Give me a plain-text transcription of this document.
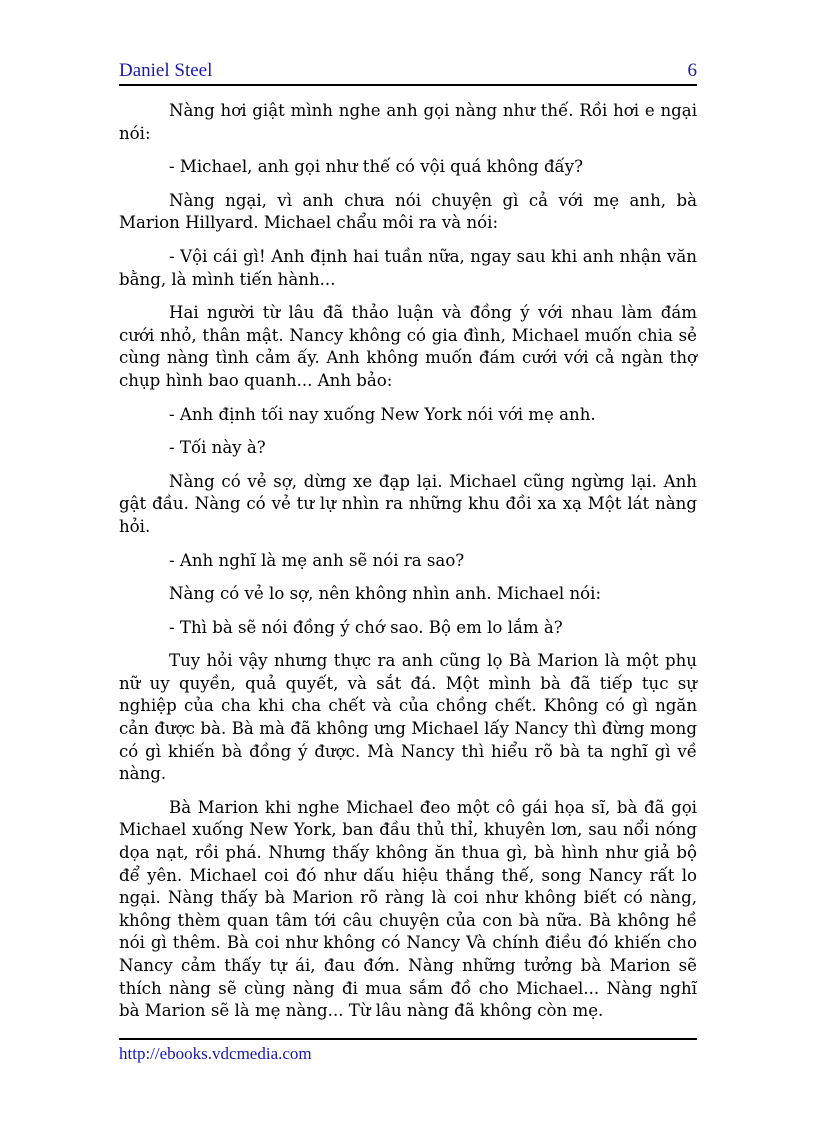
Daniel Steel	6

Nàng hơi giật mình nghe anh gọi nàng như thế. Rồi hơi e ngại nói:

- Michael, anh gọi như thế có vội quá không đấy?

Nàng ngại, vì anh chưa nói chuyện gì cả với mẹ anh, bà Marion Hillyard. Michael chẩu môi ra và nói:

- Vội cái gì! Anh định hai tuần nữa, ngay sau khi anh nhận văn bằng, là mình tiến hành...

Hai người từ lâu đã thảo luận và đồng ý với nhau làm đám cưới nhỏ, thân mật. Nancy không có gia đình, Michael muốn chia sẻ cùng nàng tình cảm ấy. Anh không muốn đám cưới với cả ngàn thợ chụp hình bao quanh... Anh bảo:

- Anh định tối nay xuống New York nói với mẹ anh.

- Tối này à?

Nàng có vẻ sợ, dừng xe đạp lại. Michael cũng ngừng lại. Anh gật đầu. Nàng có vẻ tư lự nhìn ra những khu đồi xa xạ Một lát nàng hỏi.

- Anh nghĩ là mẹ anh sẽ nói ra sao?

Nàng có vẻ lo sợ, nên không nhìn anh. Michael nói:

- Thì bà sẽ nói đồng ý chớ sao. Bộ em lo lắm à?

Tuy hỏi vậy nhưng thực ra anh cũng lọ Bà Marion là một phụ nữ uy quyền, quả quyết, và sắt đá. Một mình bà đã tiếp tục sự nghiệp của cha khi cha chết và của chồng chết. Không có gì ngăn cản được bà. Bà mà đã không ưng Michael lấy Nancy thì đừng mong có gì khiến bà đồng ý được. Mà Nancy thì hiểu rõ bà ta nghĩ gì về nàng.

Bà Marion khi nghe Michael đeo một cô gái họa sĩ, bà đã gọi Michael xuống New York, ban đầu thủ thỉ, khuyên lơn, sau nổi nóng dọa nạt, rồi phá. Nhưng thấy không ăn thua gì, bà hình như giả bộ để yên. Michael coi đó như dấu hiệu thắng thế, song Nancy rất lo ngại. Nàng thấy bà Marion rõ ràng là coi như không biết có nàng, không thèm quan tâm tới câu chuyện của con bà nữa. Bà không hề nói gì thêm. Bà coi như không có Nancy Và chính điều đó khiến cho Nancy cảm thấy tự ái, đau đớn. Nàng những tưởng bà Marion sẽ thích nàng sẽ cùng nàng đi mua sắm đồ cho Michael... Nàng nghĩ bà Marion sẽ là mẹ nàng... Từ lâu nàng đã không còn mẹ.

http://ebooks.vdcmedia.com
